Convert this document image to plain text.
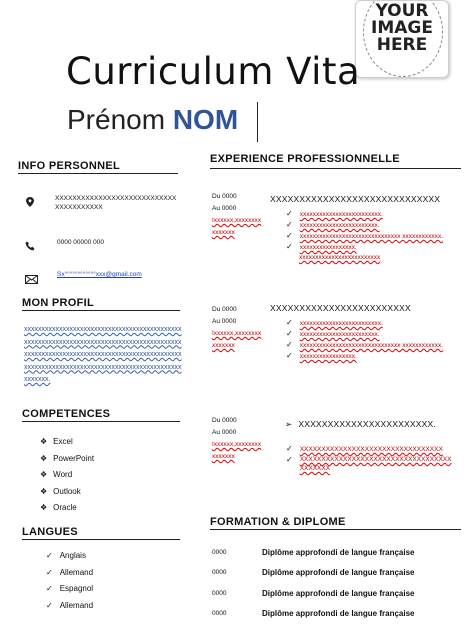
YOUR
IMAGE
HERE
Curriculum Vita
Prénom NOM
INFO PERSONNEL
XXXXXXXXXXXXXXXXXXXXXXXXXXXXXXXXXXXXXXX
0000 00000 000
Sx°°°°°°°°°°°°xxx@gmail.com
MON PROFIL
xxxxxxxxxxxxxxxxxxxxxxxxxxxxxxxxxxxxxxxxxxxxxxxxxxxxxxxxxxxxxxxxxxxxxxxxxxxxxxxxxxxxxxxxxxxxxxxxxxxxxxxxxxxxxxxxxxxxxxxxxxxxxxxxxxxxxxxxxxxxxxxxxxxxxxxxxxxxxxxxxxxxxxxxxxxxxxxxxxxxxxxxxxx.
COMPETENCES
❖ Excel
❖ PowerPoint
❖ Word
❖ Outlook
❖ Oracle
LANGUES
✓ Anglais
✓ Allemand
✓ Espagnol
✓ Allemand
EXPERIENCE PROFESSIONNELLE
Du 0000
Au 0000
Ixxxxxx,xxxxxxxx
xxxxxxx
XXXXXXXXXXXXXXXXXXXXXXXXXXXXX
✓ xxxxxxxxxxxxxxxxxxxxxxxxx.
✓ xxxxxxxxxxxxxxxxxxxxxxxx.
✓ xxxxxxxxxxxxxxxxxxxxxxxxxxxxxxx xxxxxxxxxxxx.
✓ xxxxxxxxxxxxxxxxx.
xxxxxxxxxxxxxxxxxxxxxxxxx
Du 0000
Au 0000
Ixxxxxx,xxxxxxxx
xxxxxxx
XXXXXXXXXXXXXXXXXXXXXXXX
✓ xxxxxxxxxxxxxxxxxxxxxxxxx.
✓ xxxxxxxxxxxxxxxxxxxxxxxx.
✓ xxxxxxxxxxxxxxxxxxxxxxxxxxxxxxx xxxxxxxxxxxx.
✓ xxxxxxxxxxxxxxxxx.
Du 0000
Au 0000
Ixxxxxx,xxxxxxxx
xxxxxxx
➢ XXXXXXXXXXXXXXXXXXXXXXX.
✓ XXXXXXXXXXXXXXXXXXXXXXXXXXXXXXXXX
✓ XXXXXXXXXXXXXXXXXXXXXXXXXXXXXXXXXXXXXXXXXX
FORMATION & DIPLOME
0000	Diplôme approfondi de langue française
0000	Diplôme approfondi de langue française
0000	Diplôme approfondi de langue française
0000	Diplôme approfondi de langue française
